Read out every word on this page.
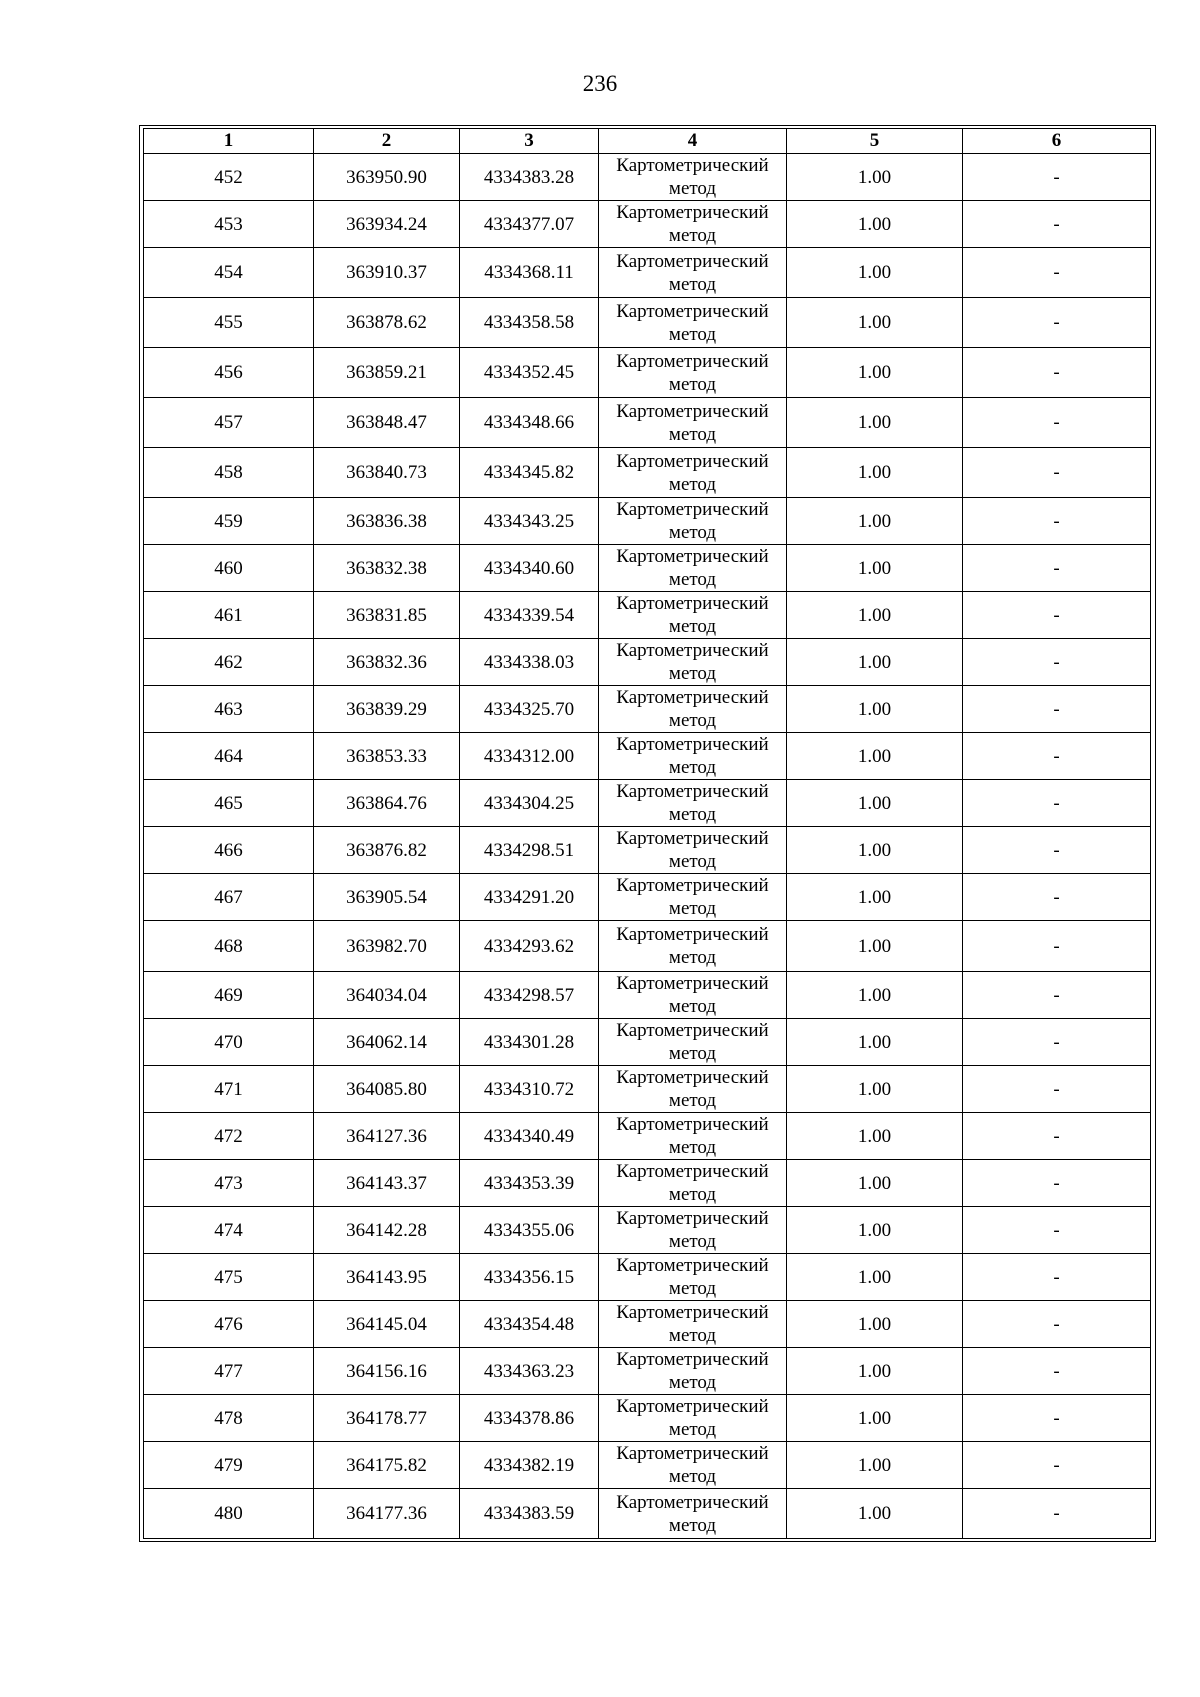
236
1	2	3	4	5	6
452	363950.90	4334383.28	Картометрический метод	1.00	-
453	363934.24	4334377.07	Картометрический метод	1.00	-
454	363910.37	4334368.11	Картометрический метод	1.00	-
455	363878.62	4334358.58	Картометрический метод	1.00	-
456	363859.21	4334352.45	Картометрический метод	1.00	-
457	363848.47	4334348.66	Картометрический метод	1.00	-
458	363840.73	4334345.82	Картометрический метод	1.00	-
459	363836.38	4334343.25	Картометрический метод	1.00	-
460	363832.38	4334340.60	Картометрический метод	1.00	-
461	363831.85	4334339.54	Картометрический метод	1.00	-
462	363832.36	4334338.03	Картометрический метод	1.00	-
463	363839.29	4334325.70	Картометрический метод	1.00	-
464	363853.33	4334312.00	Картометрический метод	1.00	-
465	363864.76	4334304.25	Картометрический метод	1.00	-
466	363876.82	4334298.51	Картометрический метод	1.00	-
467	363905.54	4334291.20	Картометрический метод	1.00	-
468	363982.70	4334293.62	Картометрический метод	1.00	-
469	364034.04	4334298.57	Картометрический метод	1.00	-
470	364062.14	4334301.28	Картометрический метод	1.00	-
471	364085.80	4334310.72	Картометрический метод	1.00	-
472	364127.36	4334340.49	Картометрический метод	1.00	-
473	364143.37	4334353.39	Картометрический метод	1.00	-
474	364142.28	4334355.06	Картометрический метод	1.00	-
475	364143.95	4334356.15	Картометрический метод	1.00	-
476	364145.04	4334354.48	Картометрический метод	1.00	-
477	364156.16	4334363.23	Картометрический метод	1.00	-
478	364178.77	4334378.86	Картометрический метод	1.00	-
479	364175.82	4334382.19	Картометрический метод	1.00	-
480	364177.36	4334383.59	Картометрический метод	1.00	-
